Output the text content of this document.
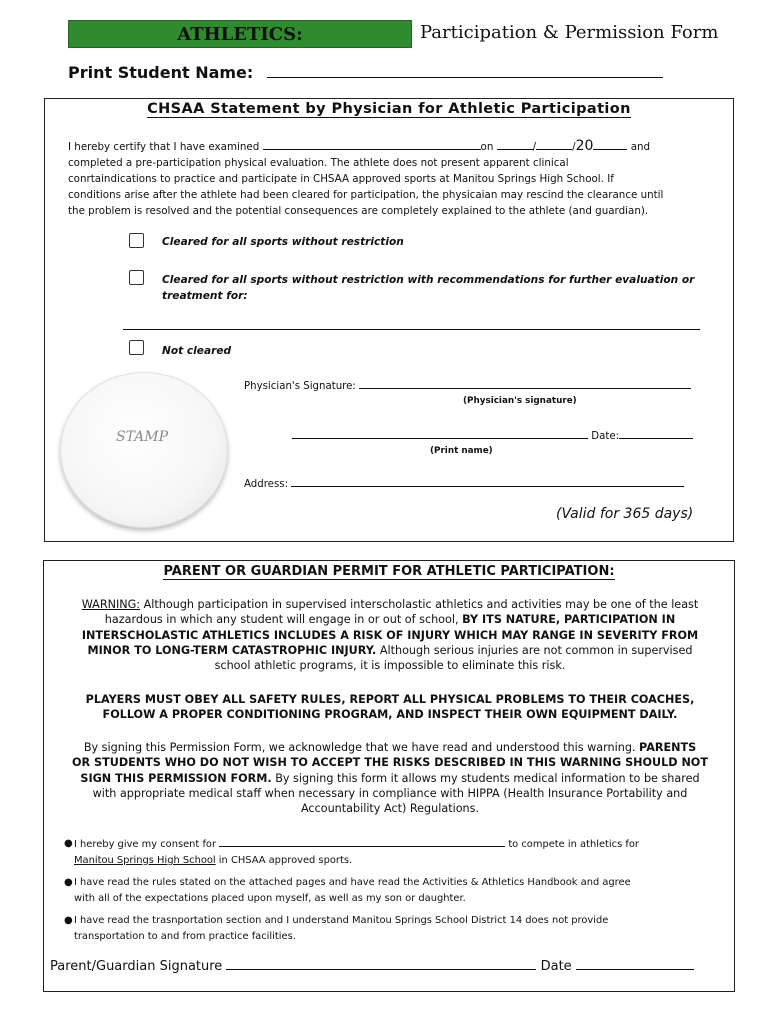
ATHLETICS:	Participation & Permission Form
Print Student Name:
CHSAA Statement by Physician for Athletic Participation
I hereby certify that I have examined	on	/	/20	and
completed a pre-participation physical evaluation. The athlete does not present apparent clinical
conrtaindications to practice and participate in CHSAA approved sports at Manitou Springs High School. If
conditions arise after the athlete had been cleared for participation, the physicaian may rescind the clearance until
the problem is resolved and the potential consequences are completely explained to the athlete (and guardian).
Cleared for all sports without restriction
Cleared for all sports without restriction with recommendations for further evaluation or
treatment for:
Not cleared
STAMP
Physician's Signature:
(Physician's signature)
Date:
(Print name)
Address:
(Valid for 365 days)
PARENT OR GUARDIAN PERMIT FOR ATHLETIC PARTICIPATION:
WARNING: Although participation in supervised interscholastic athletics and activities may be one of the least
hazardous in which any student will engage in or out of school, BY ITS NATURE, PARTICIPATION IN
INTERSCHOLASTIC ATHLETICS INCLUDES A RISK OF INJURY WHICH MAY RANGE IN SEVERITY FROM
MINOR TO LONG-TERM CATASTROPHIC INJURY. Although serious injuries are not common in supervised
school athletic programs, it is impossible to eliminate this risk.
PLAYERS MUST OBEY ALL SAFETY RULES, REPORT ALL PHYSICAL PROBLEMS TO THEIR COACHES,
FOLLOW A PROPER CONDITIONING PROGRAM, AND INSPECT THEIR OWN EQUIPMENT DAILY.
By signing this Permission Form, we acknowledge that we have read and understood this warning. PARENTS
OR STUDENTS WHO DO NOT WISH TO ACCEPT THE RISKS DESCRIBED IN THIS WARNING SHOULD NOT
SIGN THIS PERMISSION FORM. By signing this form it allows my students medical information to be shared
with appropriate medical staff when necessary in compliance with HIPPA (Health Insurance Portability and
Accountability Act) Regulations.
● I hereby give my consent for	to compete in athletics for
Manitou Springs High School in CHSAA approved sports.
● I have read the rules stated on the attached pages and have read the Activities & Athletics Handbook and agree
with all of the expectations placed upon myself, as well as my son or daughter.
● I have read the trasnportation section and I understand Manitou Springs School District 14 does not provide
transportation to and from practice facilities.
Parent/Guardian Signature	Date
